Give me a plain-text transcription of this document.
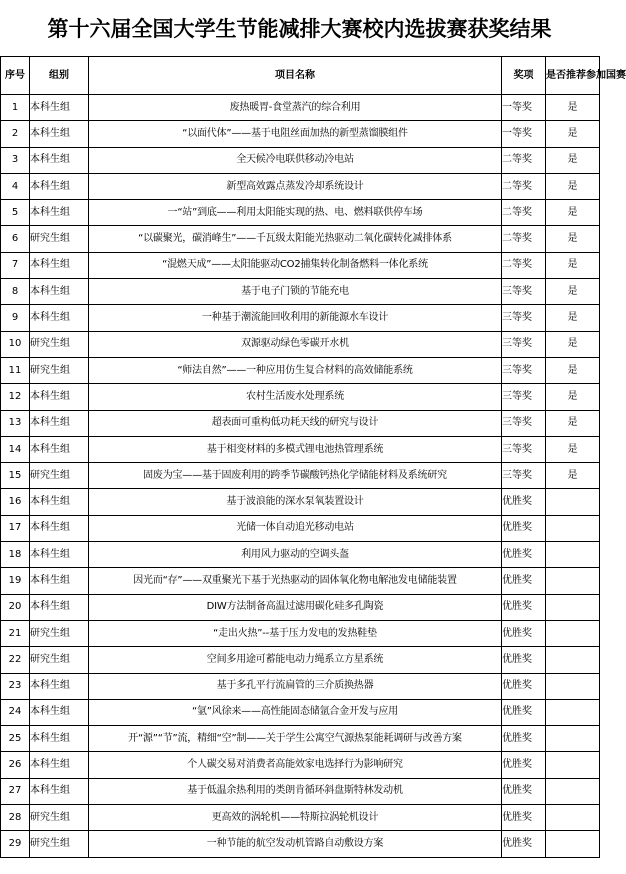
第十六届全国大学生节能减排大赛校内选拔赛获奖结果
序号	组别	项目名称	奖项	是否推荐参加国赛
1	本科生组	废热暖胃-食堂蒸汽的综合利用	一等奖	是
2	本科生组	“以面代体”——基于电阻丝面加热的新型蒸馏膜组件	一等奖	是
3	本科生组	全天候冷电联供移动冷电站	二等奖	是
4	本科生组	新型高效露点蒸发冷却系统设计	二等奖	是
5	本科生组	一“站”到底——利用太阳能实现的热、电、燃料联供停车场	二等奖	是
6	研究生组	“以碳聚光，碳消峰生”——千瓦级太阳能光热驱动二氧化碳转化减排体系	二等奖	是
7	本科生组	“混燃天成”——太阳能驱动CO2捕集转化制备燃料一体化系统	二等奖	是
8	本科生组	基于电子门锁的节能充电	三等奖	是
9	本科生组	一种基于潮流能回收利用的新能源水车设计	三等奖	是
10	研究生组	双源驱动绿色零碳开水机	三等奖	是
11	研究生组	“师法自然”——一种应用仿生复合材料的高效储能系统	三等奖	是
12	本科生组	农村生活废水处理系统	三等奖	是
13	本科生组	超表面可重构低功耗天线的研究与设计	三等奖	是
14	本科生组	基于相变材料的多模式锂电池热管理系统	三等奖	是
15	研究生组	固废为宝——基于固废利用的跨季节碳酸钙热化学储能材料及系统研究	三等奖	是
16	本科生组	基于波浪能的深水泵氧装置设计	优胜奖	
17	本科生组	光储一体自动追光移动电站	优胜奖	
18	本科生组	利用风力驱动的空调头盔	优胜奖	
19	本科生组	因光而“存”——双重聚光下基于光热驱动的固体氧化物电解池发电储能装置	优胜奖	
20	本科生组	DIW方法制备高温过滤用碳化硅多孔陶瓷	优胜奖	
21	研究生组	“走出火热”--基于压力发电的发热鞋垫	优胜奖	
22	研究生组	空间多用途可蓄能电动力绳系立方星系统	优胜奖	
23	本科生组	基于多孔平行流扁管的三介质换热器	优胜奖	
24	本科生组	“氩”风徐来——高性能固态储氩合金开发与应用	优胜奖	
25	本科生组	开“源”“节”流，精细“空”制——关于学生公寓空气源热泵能耗调研与改善方案	优胜奖	
26	本科生组	个人碳交易对消费者高能效家电选择行为影响研究	优胜奖	
27	本科生组	基于低温余热利用的类朗肯循环斜盘斯特林发动机	优胜奖	
28	研究生组	更高效的涡轮机——特斯拉涡轮机设计	优胜奖	
29	研究生组	一种节能的航空发动机管路自动敷设方案	优胜奖	
